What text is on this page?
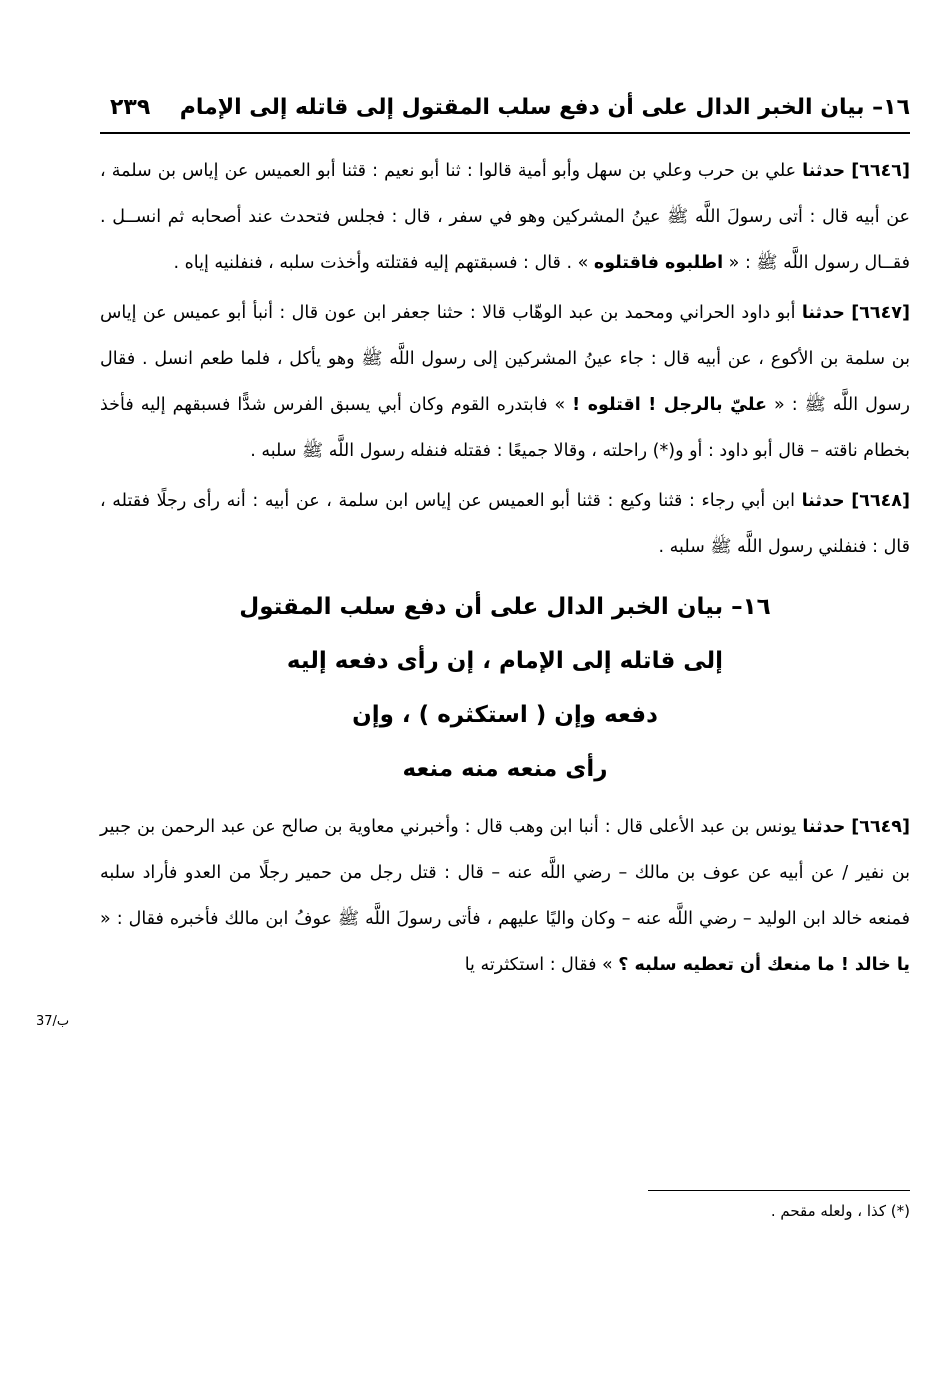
١٦– بيان الخبر الدال على أن دفع سلب المقتول إلى قاتله إلى الإمام
٢٣٩

[٦٦٤٦] حدثنا علي بن حرب وعلي بن سهل وأبو أمية قالوا : ثنا أبو نعيم : قثنا أبو العميس عن إياس بن سلمة ، عن أبيه قال : أتى رسولَ اللَّه ﷺ عينُ المشركين وهو في سفر ، قال : فجلس فتحدث عند أصحابه ثم انســل . فقــال رسول اللَّه ﷺ : « اطلبوه فاقتلوه » . قال : فسبقتهم إليه فقتلته وأخذت سلبه ، فنفلنيه إياه .

[٦٦٤٧] حدثنا أبو داود الحراني ومحمد بن عبد الوهّاب قالا : حثنا جعفر ابن عون قال : أنبأ أبو عميس عن إياس بن سلمة بن الأكوع ، عن أبيه قال : جاء عينُ المشركين إلى رسول اللَّه ﷺ وهو يأكل ، فلما طعم انسل . فقال رسول اللَّه ﷺ : « عليّ بالرجل ! اقتلوه ! » فابتدره القوم وكان أبي يسبق الفرس شدًّا فسبقهم إليه فأخذ بخطام ناقته – قال أبو داود : أو و(*) راحلته ، وقالا جميعًا : فقتله فنفله رسول اللَّه ﷺ سلبه .

[٦٦٤٨] حدثنا ابن أبي رجاء : قثنا وكيع : قثنا أبو العميس عن إياس ابن سلمة ، عن أبيه : أنه رأى رجلًا فقتله ، قال : فنفلني رسول اللَّه ﷺ سلبه .

١٦– بيان الخبر الدال على أن دفع سلب المقتول
إلى قاتله إلى الإمام ، إن رأى دفعه إليه
دفعه وإن ( استكثره ) ، وإن
رأى منعه منه منعه

[٦٦٤٩] حدثنا يونس بن عبد الأعلى قال : أنبا ابن وهب قال : وأخبرني معاوية بن صالح عن عبد الرحمن بن جبير بن نفير / عن أبيه عن عوف بن مالك – رضي اللَّه عنه – قال : قتل رجل من حمير رجلًا من العدو فأراد سلبه فمنعه خالد ابن الوليد – رضي اللَّه عنه – وكان واليًا عليهم ، فأتى رسولَ اللَّه ﷺ عوفُ ابن مالك فأخبره فقال : « يا خالد ! ما منعك أن تعطيه سلبه ؟ » فقال : استكثرته يا

37/ب
(*) كذا ، ولعله مقحم .
